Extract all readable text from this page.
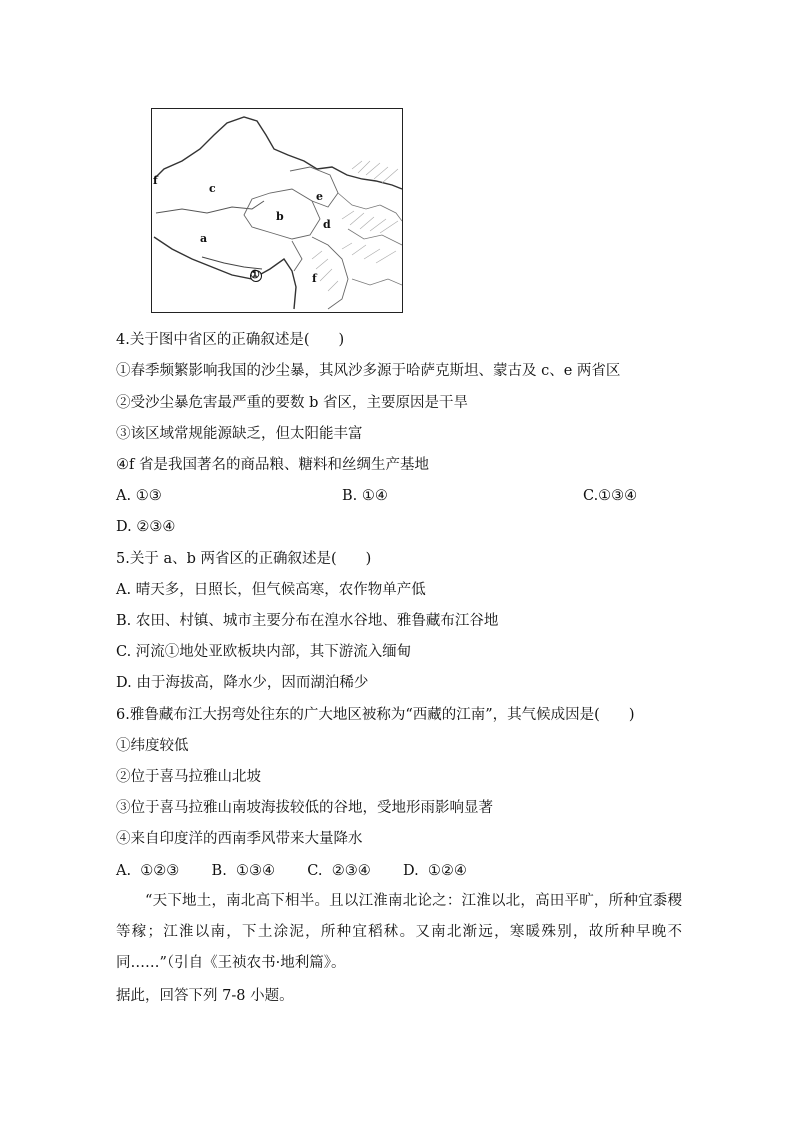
f
c
e
b
d
a
①	f
4.关于图中省区的正确叙述是(　　)
①春季频繁影响我国的沙尘暴，其风沙多源于哈萨克斯坦、蒙古及 c、e 两省区
②受沙尘暴危害最严重的要数 b 省区，主要原因是干旱
③该区域常规能源缺乏，但太阳能丰富
④f 省是我国著名的商品粮、糖料和丝绸生产基地
A. ①③	B. ①④	C.①③④
D. ②③④
5.关于 a、b 两省区的正确叙述是(　　)
A. 晴天多，日照长，但气候高寒，农作物单产低
B. 农田、村镇、城市主要分布在湟水谷地、雅鲁藏布江谷地
C. 河流①地处亚欧板块内部，其下游流入缅甸
D. 由于海拔高，降水少，因而湖泊稀少
6.雅鲁藏布江大拐弯处往东的广大地区被称为“西藏的江南”，其气候成因是(　　)
①纬度较低
②位于喜马拉雅山北坡
③位于喜马拉雅山南坡海拔较低的谷地，受地形雨影响显著
④来自印度洋的西南季风带来大量降水
A.  ①②③       B.  ①③④       C.  ②③④       D.  ①②④
“天下地土，南北高下相半。且以江淮南北论之：江淮以北，高田平旷，所种宜黍稷等稼；江淮以南，下土涂泥，所种宜稻秫。又南北渐远，寒暖殊别，故所种早晚不同……”（引自《王祯农书·地利篇》。
据此，回答下列 7-8 小题。
